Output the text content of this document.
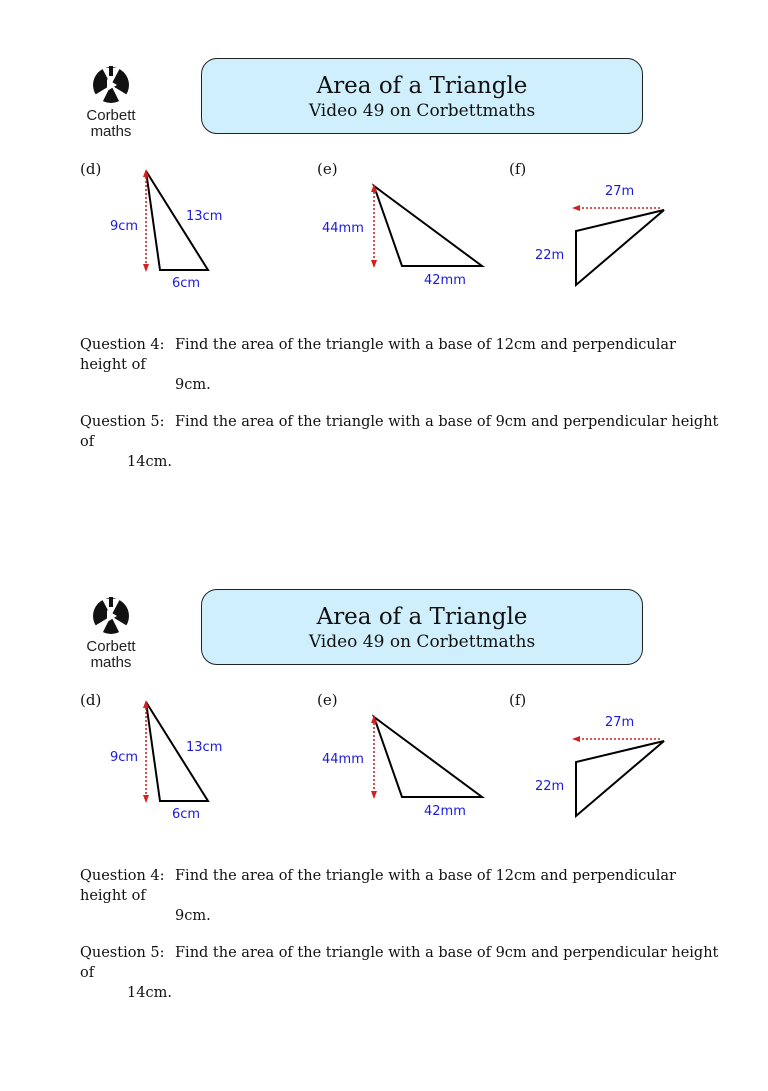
Corbett
maths
Area of a Triangle
Video 49 on Corbettmaths
(d)	(e)	(f)
9cm
13cm
6cm
44mm
42mm
27m
22m
Question 4: Find the area of the triangle with a base of 12cm and perpendicular height of
9cm.
Question 5: Find the area of the triangle with a base of 9cm and perpendicular height of
14cm.
Corbett
maths
Area of a Triangle
Video 49 on Corbettmaths
(d)	(e)	(f)
9cm
13cm
6cm
44mm
42mm
27m
22m
Question 4: Find the area of the triangle with a base of 12cm and perpendicular height of
9cm.
Question 5: Find the area of the triangle with a base of 9cm and perpendicular height of
14cm.
